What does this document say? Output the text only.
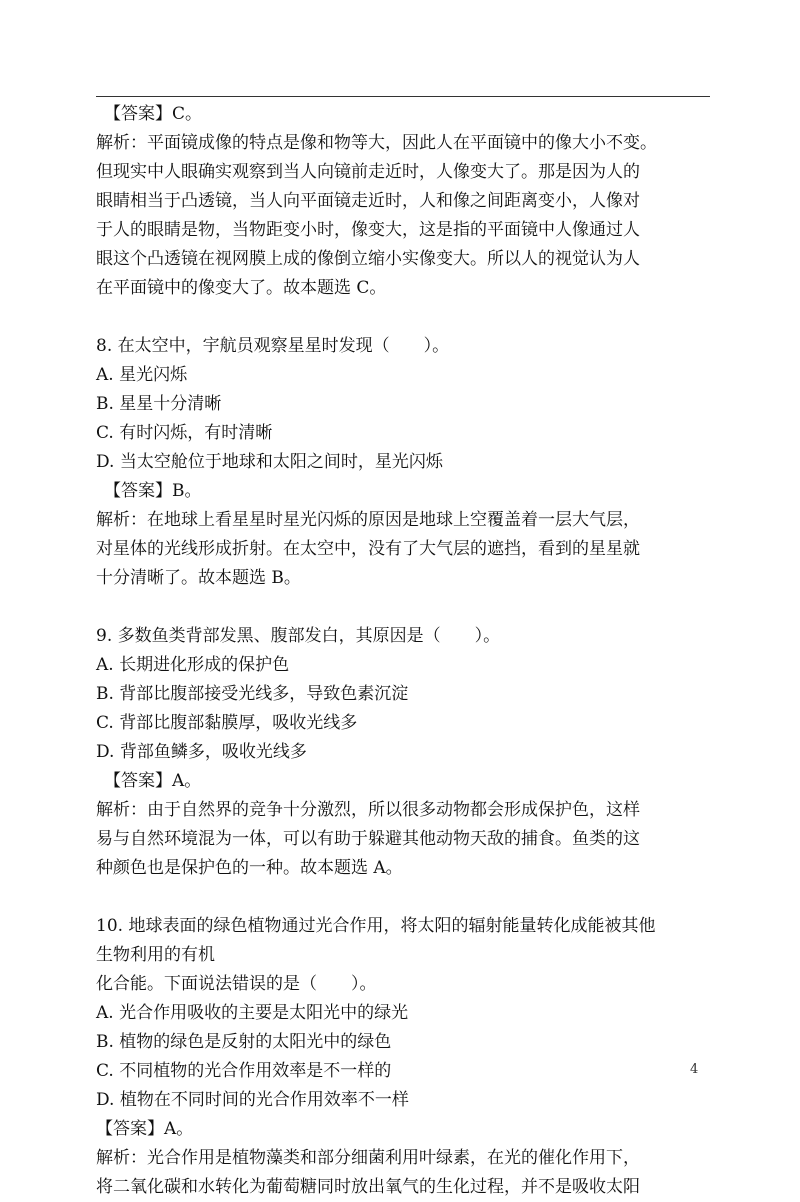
【答案】C。
解析：平面镜成像的特点是像和物等大，因此人在平面镜中的像大小不变。
但现实中人眼确实观察到当人向镜前走近时，人像变大了。那是因为人的
眼睛相当于凸透镜，当人向平面镜走近时，人和像之间距离变小，人像对
于人的眼睛是物，当物距变小时，像变大，这是指的平面镜中人像通过人
眼这个凸透镜在视网膜上成的像倒立缩小实像变大。所以人的视觉认为人
在平面镜中的像变大了。故本题选 C。
8. 在太空中，宇航员观察星星时发现（　　）。
A. 星光闪烁
B. 星星十分清晰
C. 有时闪烁，有时清晰
D. 当太空舱位于地球和太阳之间时，星光闪烁
【答案】B。
解析：在地球上看星星时星光闪烁的原因是地球上空覆盖着一层大气层，
对星体的光线形成折射。在太空中，没有了大气层的遮挡，看到的星星就
十分清晰了。故本题选 B。
9. 多数鱼类背部发黑、腹部发白，其原因是（　　）。
A. 长期进化形成的保护色
B. 背部比腹部接受光线多，导致色素沉淀
C. 背部比腹部黏膜厚，吸收光线多
D. 背部鱼鳞多，吸收光线多
【答案】A。
解析：由于自然界的竞争十分激烈，所以很多动物都会形成保护色，这样
易与自然环境混为一体，可以有助于躲避其他动物天敌的捕食。鱼类的这
种颜色也是保护色的一种。故本题选 A。
10. 地球表面的绿色植物通过光合作用，将太阳的辐射能量转化成能被其他
生物利用的有机
化合能。下面说法错误的是（　　）。
A. 光合作用吸收的主要是太阳光中的绿光
B. 植物的绿色是反射的太阳光中的绿色
C. 不同植物的光合作用效率是不一样的
D. 植物在不同时间的光合作用效率不一样
【答案】A。
解析：光合作用是植物藻类和部分细菌利用叶绿素，在光的催化作用下，
将二氧化碳和水转化为葡萄糖同时放出氧气的生化过程，并不是吸收太阳
4
